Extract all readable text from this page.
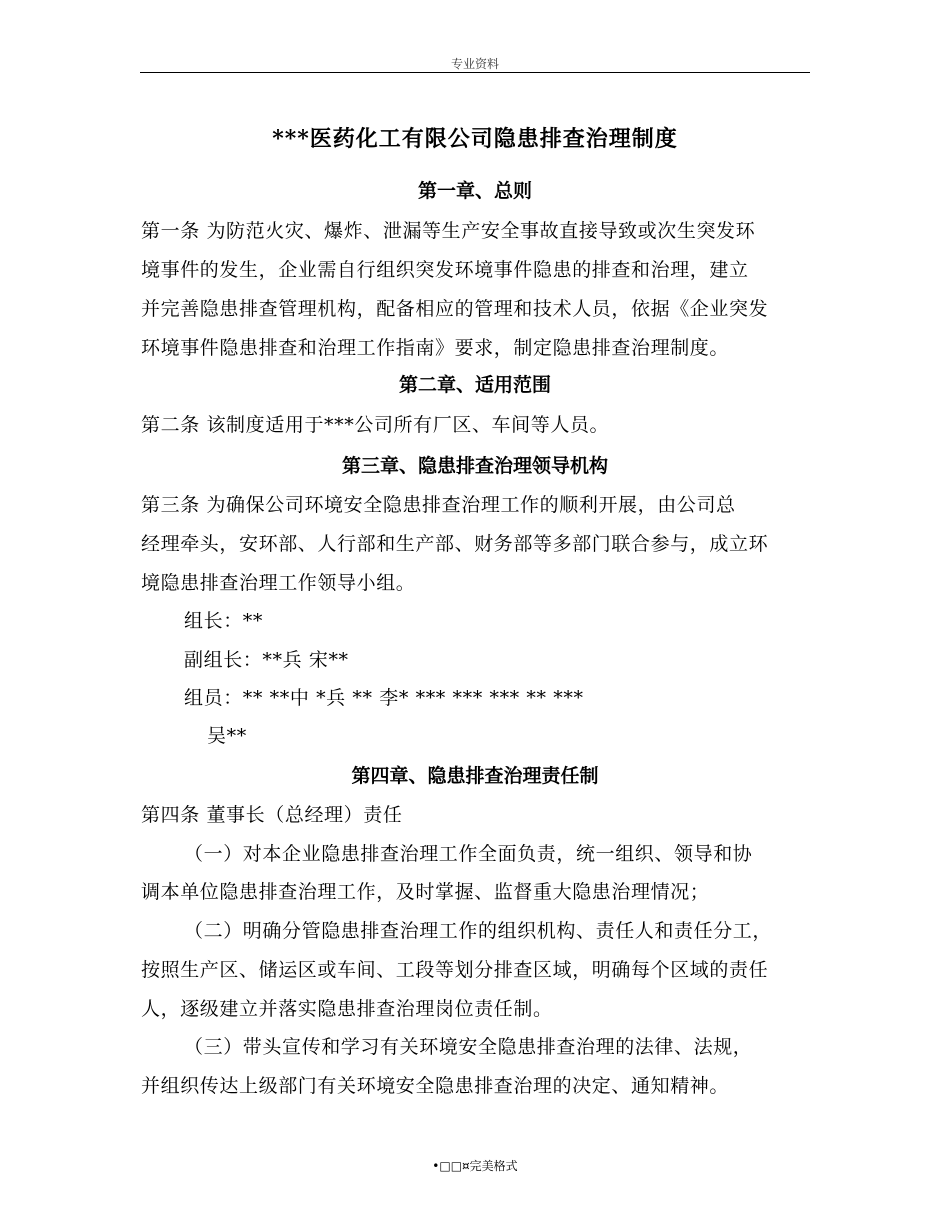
专业资料
***医药化工有限公司隐患排查治理制度
第一章、总则
第一条 为防范火灾、爆炸、泄漏等生产安全事故直接导致或次生突发环
境事件的发生，企业需自行组织突发环境事件隐患的排查和治理，建立
并完善隐患排查管理机构，配备相应的管理和技术人员，依据《企业突发
环境事件隐患排查和治理工作指南》要求，制定隐患排查治理制度。
第二章、适用范围
第二条 该制度适用于***公司所有厂区、车间等人员。
第三章、隐患排查治理领导机构
第三条 为确保公司环境安全隐患排查治理工作的顺利开展，由公司总
经理牵头，安环部、人行部和生产部、财务部等多部门联合参与，成立环
境隐患排查治理工作领导小组。
组长：**
副组长：**兵 宋**
组员：** **中 *兵 ** 李* *** *** *** ** ***
吴**
第四章、隐患排查治理责任制
第四条 董事长（总经理）责任
（一）对本企业隐患排查治理工作全面负责，统一组织、领导和协
调本单位隐患排查治理工作，及时掌握、监督重大隐患治理情况；
（二）明确分管隐患排查治理工作的组织机构、责任人和责任分工，
按照生产区、储运区或车间、工段等划分排查区域，明确每个区域的责任
人，逐级建立并落实隐患排查治理岗位责任制。
（三）带头宣传和学习有关环境安全隐患排查治理的法律、法规，
并组织传达上级部门有关环境安全隐患排查治理的决定、通知精神。
•□□¤完美格式
